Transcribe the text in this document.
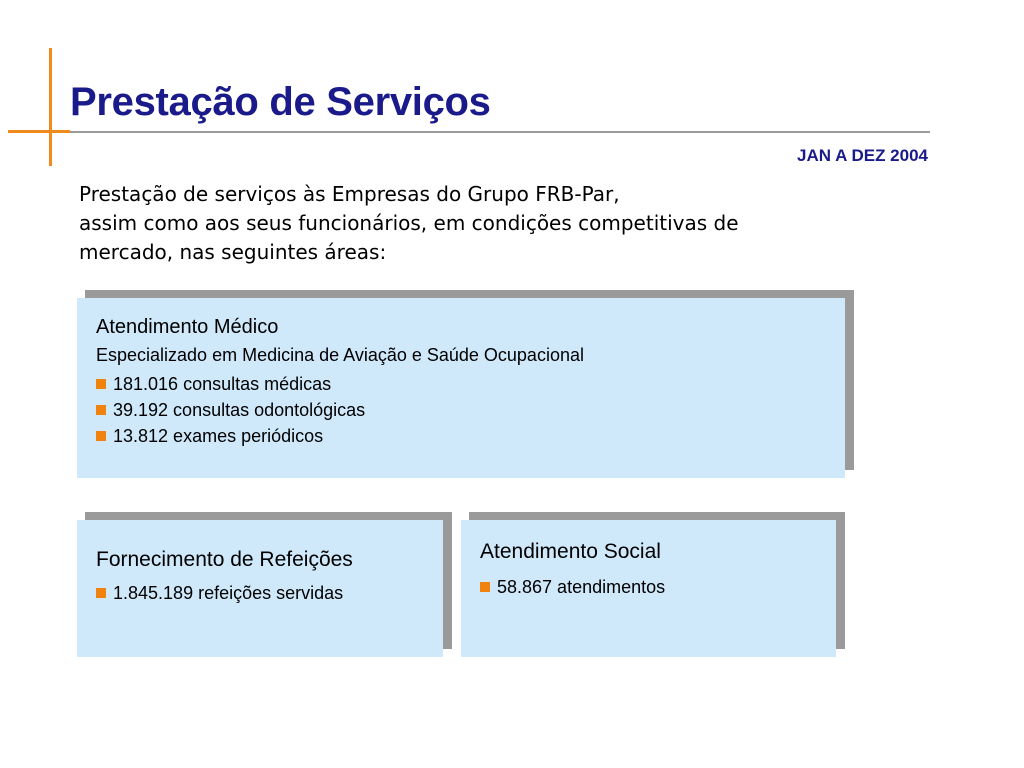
Prestação de Serviços
JAN A DEZ 2004
Prestação de serviços às Empresas do Grupo FRB-Par,
assim como aos seus funcionários, em condições competitivas de
mercado, nas seguintes áreas:
Atendimento Médico
Especializado em Medicina de Aviação e Saúde Ocupacional
181.016 consultas médicas
39.192 consultas odontológicas
13.812 exames periódicos
Fornecimento de Refeições
1.845.189 refeições servidas
Atendimento Social
58.867 atendimentos
